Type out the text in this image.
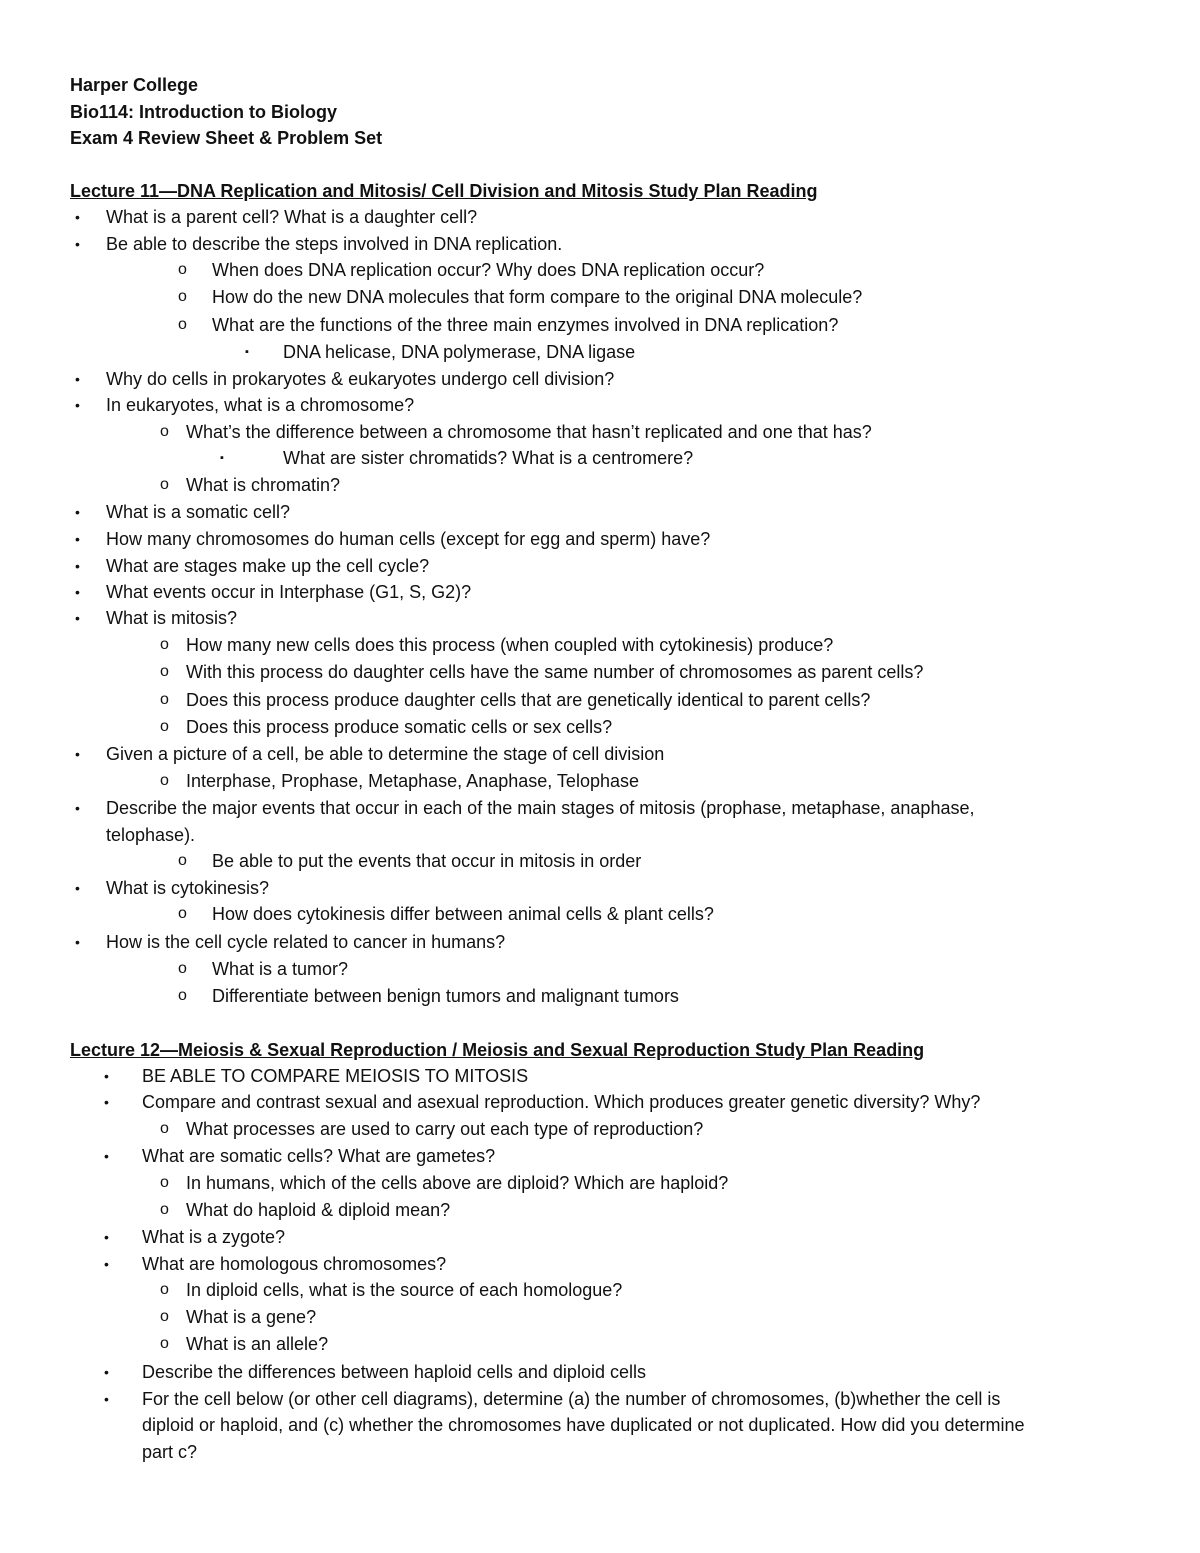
Harper College
Bio114: Introduction to Biology
Exam 4 Review Sheet & Problem Set
Lecture 11—DNA Replication and Mitosis/ Cell Division and Mitosis Study Plan Reading
• What is a parent cell? What is a daughter cell?
• Be able to describe the steps involved in DNA replication.
o When does DNA replication occur? Why does DNA replication occur?
o How do the new DNA molecules that form compare to the original DNA molecule?
o What are the functions of the three main enzymes involved in DNA replication?
▪ DNA helicase, DNA polymerase, DNA ligase
• Why do cells in prokaryotes & eukaryotes undergo cell division?
• In eukaryotes, what is a chromosome?
o What’s the difference between a chromosome that hasn’t replicated and one that has?
▪	What are sister chromatids? What is a centromere?
o What is chromatin?
• What is a somatic cell?
• How many chromosomes do human cells (except for egg and sperm) have?
• What are stages make up the cell cycle?
• What events occur in Interphase (G1, S, G2)?
• What is mitosis?
o How many new cells does this process (when coupled with cytokinesis) produce?
o With this process do daughter cells have the same number of chromosomes as parent cells?
o Does this process produce daughter cells that are genetically identical to parent cells?
o Does this process produce somatic cells or sex cells?
• Given a picture of a cell, be able to determine the stage of cell division
o Interphase, Prophase, Metaphase, Anaphase, Telophase
• Describe the major events that occur in each of the main stages of mitosis (prophase, metaphase, anaphase,
telophase).
o Be able to put the events that occur in mitosis in order
• What is cytokinesis?
o How does cytokinesis differ between animal cells & plant cells?
• How is the cell cycle related to cancer in humans?
o What is a tumor?
o Differentiate between benign tumors and malignant tumors
Lecture 12—Meiosis & Sexual Reproduction / Meiosis and Sexual Reproduction Study Plan Reading
• BE ABLE TO COMPARE MEIOSIS TO MITOSIS
• Compare and contrast sexual and asexual reproduction. Which produces greater genetic diversity? Why?
o What processes are used to carry out each type of reproduction?
• What are somatic cells? What are gametes?
o In humans, which of the cells above are diploid? Which are haploid?
o What do haploid & diploid mean?
• What is a zygote?
• What are homologous chromosomes?
o In diploid cells, what is the source of each homologue?
o What is a gene?
o What is an allele?
• Describe the differences between haploid cells and diploid cells
• For the cell below (or other cell diagrams), determine (a) the number of chromosomes, (b)whether the cell is
diploid or haploid, and (c) whether the chromosomes have duplicated or not duplicated. How did you determine
part c?
